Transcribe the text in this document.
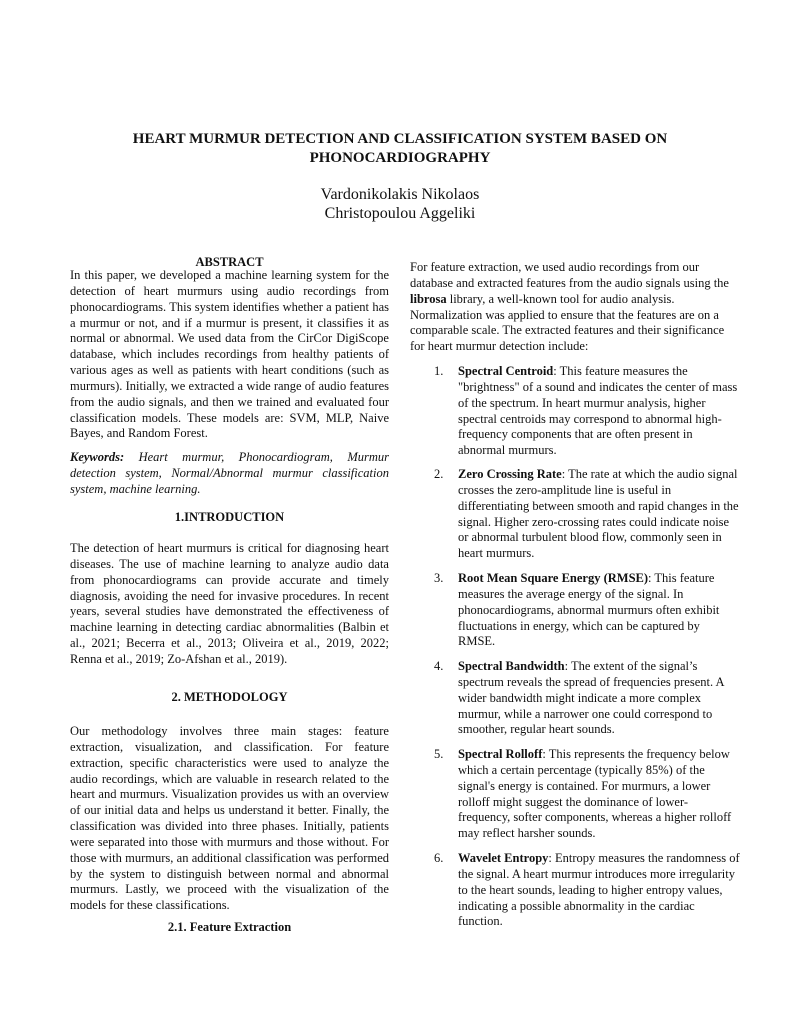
HEART MURMUR DETECTION AND CLASSIFICATION SYSTEM BASED ON PHONOCARDIOGRAPHY
Vardonikolakis Nikolaos
Christopoulou Aggeliki
ABSTRACT

In this paper, we developed a machine learning system for the detection of heart murmurs using audio recordings from phonocardiograms. This system identifies whether a patient has a murmur or not, and if a murmur is present, it classifies it as normal or abnormal. We used data from the CirCor DigiScope database, which includes recordings from healthy patients of various ages as well as patients with heart conditions (such as murmurs). Initially, we extracted a wide range of audio features from the audio signals, and then we trained and evaluated four classification models. These models are: SVM, MLP, Naive Bayes, and Random Forest.

Keywords: Heart murmur, Phonocardiogram, Murmur detection system, Normal/Abnormal murmur classification system, machine learning.

1.INTRODUCTION

The detection of heart murmurs is critical for diagnosing heart diseases. The use of machine learning to analyze audio data from phonocardiograms can provide accurate and timely diagnosis, avoiding the need for invasive procedures. In recent years, several studies have demonstrated the effectiveness of machine learning in detecting cardiac abnormalities (Balbin et al., 2021; Becerra et al., 2013; Oliveira et al., 2019, 2022; Renna et al., 2019; Zo-Afshan et al., 2019).

2. METHODOLOGY

Our methodology involves three main stages: feature extraction, visualization, and classification. For feature extraction, specific characteristics were used to analyze the audio recordings, which are valuable in research related to the heart and murmurs. Visualization provides us with an overview of our initial data and helps us understand it better. Finally, the classification was divided into three phases. Initially, patients were separated into those with murmurs and those without. For those with murmurs, an additional classification was performed by the system to distinguish between normal and abnormal murmurs. Lastly, we proceed with the visualization of the models for these classifications.

2.1. Feature Extraction

For feature extraction, we used audio recordings from our database and extracted features from the audio signals using the librosa library, a well-known tool for audio analysis. Normalization was applied to ensure that the features are on a comparable scale. The extracted features and their significance for heart murmur detection include:

1. Spectral Centroid: This feature measures the "brightness" of a sound and indicates the center of mass of the spectrum. In heart murmur analysis, higher spectral centroids may correspond to abnormal high-frequency components that are often present in abnormal murmurs.
2. Zero Crossing Rate: The rate at which the audio signal crosses the zero-amplitude line is useful in differentiating between smooth and rapid changes in the signal. Higher zero-crossing rates could indicate noise or abnormal turbulent blood flow, commonly seen in heart murmurs.
3. Root Mean Square Energy (RMSE): This feature measures the average energy of the signal. In phonocardiograms, abnormal murmurs often exhibit fluctuations in energy, which can be captured by RMSE.
4. Spectral Bandwidth: The extent of the signal’s spectrum reveals the spread of frequencies present. A wider bandwidth might indicate a more complex murmur, while a narrower one could correspond to smoother, regular heart sounds.
5. Spectral Rolloff: This represents the frequency below which a certain percentage (typically 85%) of the signal's energy is contained. For murmurs, a lower rolloff might suggest the dominance of lower-frequency, softer components, whereas a higher rolloff may reflect harsher sounds.
6. Wavelet Entropy: Entropy measures the randomness of the signal. A heart murmur introduces more irregularity to the heart sounds, leading to higher entropy values, indicating a possible abnormality in the cardiac function.
